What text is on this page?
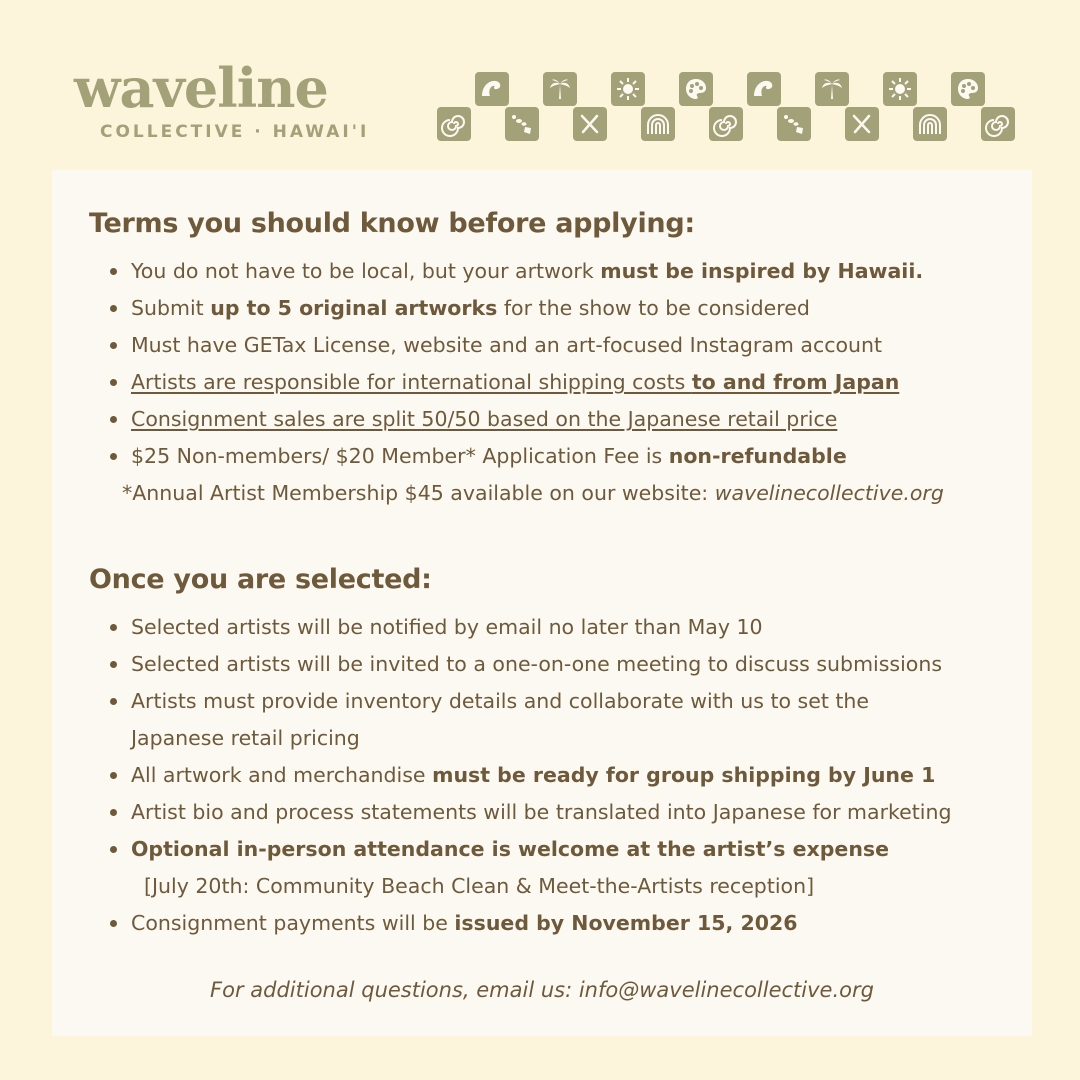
waveline
COLLECTIVE · HAWAI'I
Terms you should know before applying:
You do not have to be local, but your artwork must be inspired by Hawaii.
Submit up to 5 original artworks for the show to be considered
Must have GETax License, website and an art-focused Instagram account
Artists are responsible for international shipping costs to and from Japan
Consignment sales are split 50/50 based on the Japanese retail price
$25 Non-members/ $20 Member* Application Fee is non-refundable
*Annual Artist Membership $45 available on our website: wavelinecollective.org
Once you are selected:
Selected artists will be notified by email no later than May 10
Selected artists will be invited to a one-on-one meeting to discuss submissions
Artists must provide inventory details and collaborate with us to set the
Japanese retail pricing
All artwork and merchandise must be ready for group shipping by June 1
Artist bio and process statements will be translated into Japanese for marketing
Optional in-person attendance is welcome at the artist’s expense
[July 20th: Community Beach Clean & Meet-the-Artists reception]
Consignment payments will be issued by November 15, 2026
For additional questions, email us: info@wavelinecollective.org
